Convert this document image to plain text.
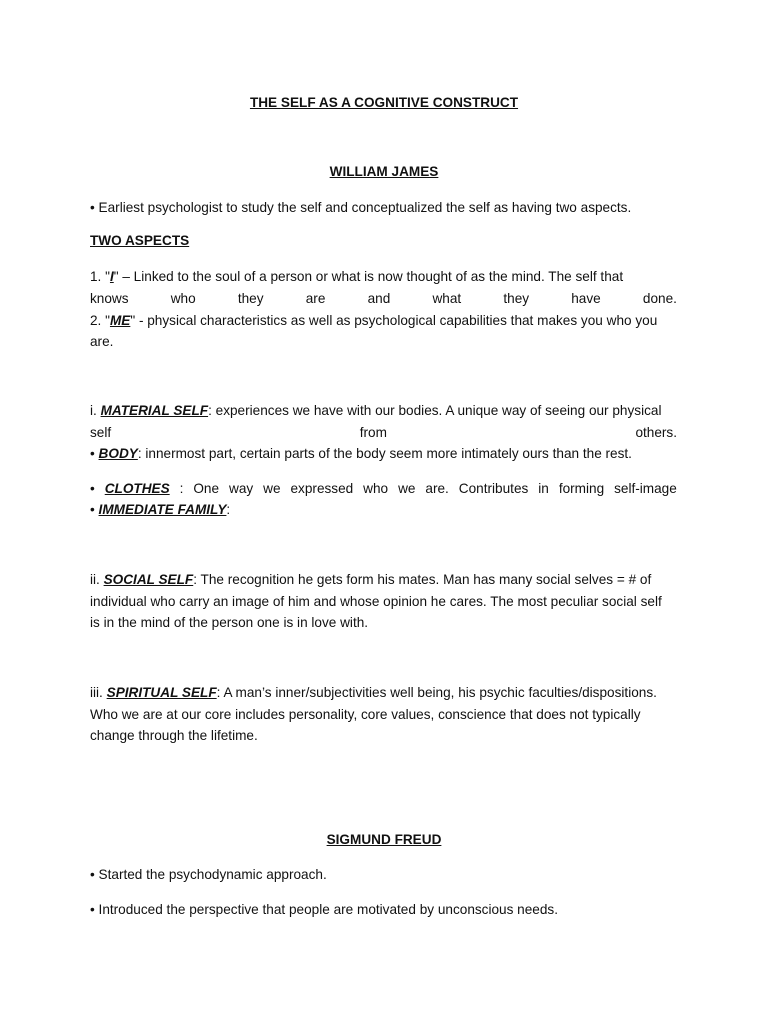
THE SELF AS A COGNITIVE CONSTRUCT
WILLIAM JAMES
• Earliest psychologist to study the self and conceptualized the self as having two aspects.
TWO ASPECTS
1. "I" – Linked to the soul of a person or what is now thought of as the mind. The self that
knows	who	they	are	and	what	they	have	done.
2. "ME" - physical characteristics as well as psychological capabilities that makes you who you
are.
i. MATERIAL SELF: experiences we have with our bodies. A unique way of seeing our physical
self	from	others.
• BODY: innermost part, certain parts of the body seem more intimately ours than the rest.
• CLOTHES : One way we expressed who we are. Contributes in forming self-image
• IMMEDIATE FAMILY:
ii. SOCIAL SELF: The recognition he gets form his mates. Man has many social selves = # of
individual who carry an image of him and whose opinion he cares. The most peculiar social self
is in the mind of the person one is in love with.
iii. SPIRITUAL SELF: A man’s inner/subjectivities well being, his psychic faculties/dispositions.
Who we are at our core includes personality, core values, conscience that does not typically
change through the lifetime.
SIGMUND FREUD
• Started the psychodynamic approach.
• Introduced the perspective that people are motivated by unconscious needs.
